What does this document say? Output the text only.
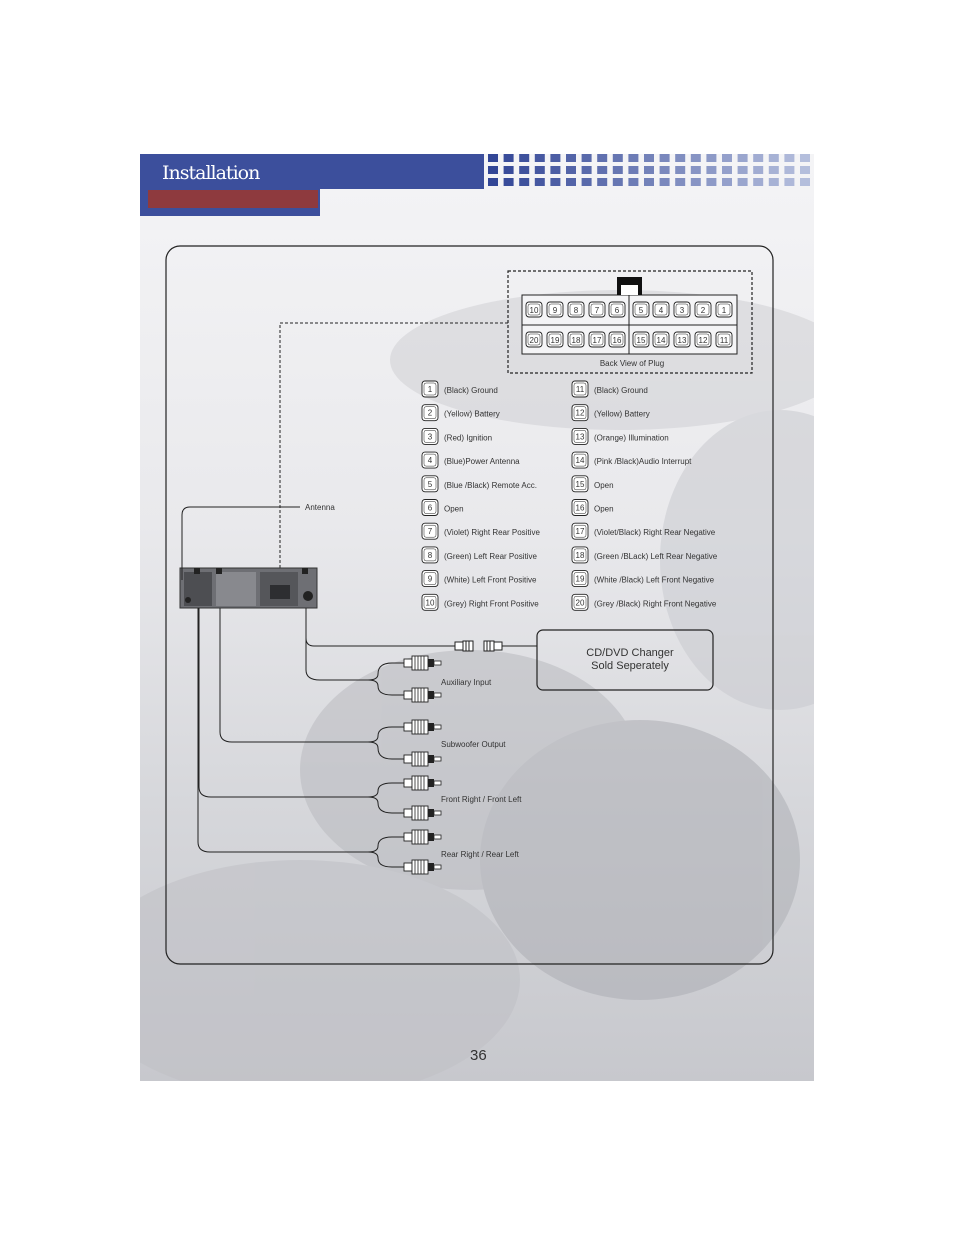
Installation
10 9 8 7 6 5 4 3 2 1
20 19 18 17 16 15 14 13 12 11
Back View of Plug
1 (Black) Ground
2 (Yellow) Battery
3 (Red) Ignition
4 (Blue)Power Antenna
5 (Blue /Black) Remote Acc.
6 Open
7 (Violet) Right Rear Positive
8 (Green) Left Rear Positive
9 (White) Left Front Positive
10 (Grey) Right Front Positive
11 (Black) Ground
12 (Yellow) Battery
13 (Orange) Illumination
14 (Pink /Black)Audio Interrupt
15 Open
16 Open
17 (Violet/Black) Right Rear Negative
18 (Green /BLack) Left Rear Negative
19 (White /Black) Left Front Negative
20 (Grey /Black) Right Front Negative
Antenna
CD/DVD Changer
Sold Seperately
Auxiliary Input
Subwoofer Output
Front Right / Front Left
Rear Right / Rear Left
36
